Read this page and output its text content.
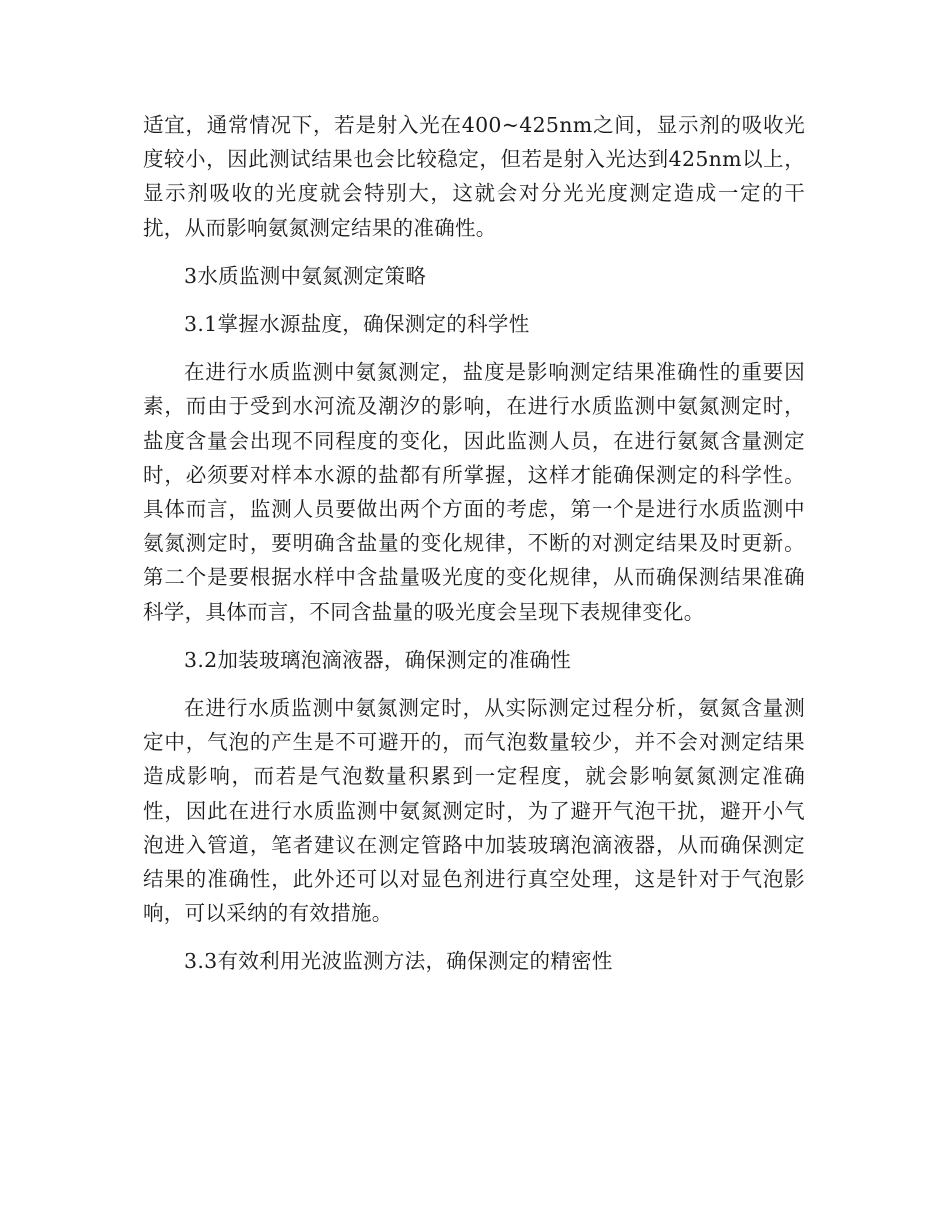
适宜，通常情况下，若是射入光在400~425nm之间，显示剂的吸收光度较小，因此测试结果也会比较稳定，但若是射入光达到425nm以上，显示剂吸收的光度就会特别大，这就会对分光光度测定造成一定的干扰，从而影响氨氮测定结果的准确性。

3水质监测中氨氮测定策略

3.1掌握水源盐度，确保测定的科学性

在进行水质监测中氨氮测定，盐度是影响测定结果准确性的重要因素，而由于受到水河流及潮汐的影响，在进行水质监测中氨氮测定时，盐度含量会出现不同程度的变化，因此监测人员，在进行氨氮含量测定时，必须要对样本水源的盐都有所掌握，这样才能确保测定的科学性。具体而言，监测人员要做出两个方面的考虑，第一个是进行水质监测中氨氮测定时，要明确含盐量的变化规律，不断的对测定结果及时更新。第二个是要根据水样中含盐量吸光度的变化规律，从而确保测结果准确科学，具体而言，不同含盐量的吸光度会呈现下表规律变化。

3.2加装玻璃泡滴液器，确保测定的准确性

在进行水质监测中氨氮测定时，从实际测定过程分析，氨氮含量测定中，气泡的产生是不可避开的，而气泡数量较少，并不会对测定结果造成影响，而若是气泡数量积累到一定程度，就会影响氨氮测定准确性，因此在进行水质监测中氨氮测定时，为了避开气泡干扰，避开小气泡进入管道，笔者建议在测定管路中加装玻璃泡滴液器，从而确保测定结果的准确性，此外还可以对显色剂进行真空处理，这是针对于气泡影响，可以采纳的有效措施。

3.3有效利用光波监测方法，确保测定的精密性
